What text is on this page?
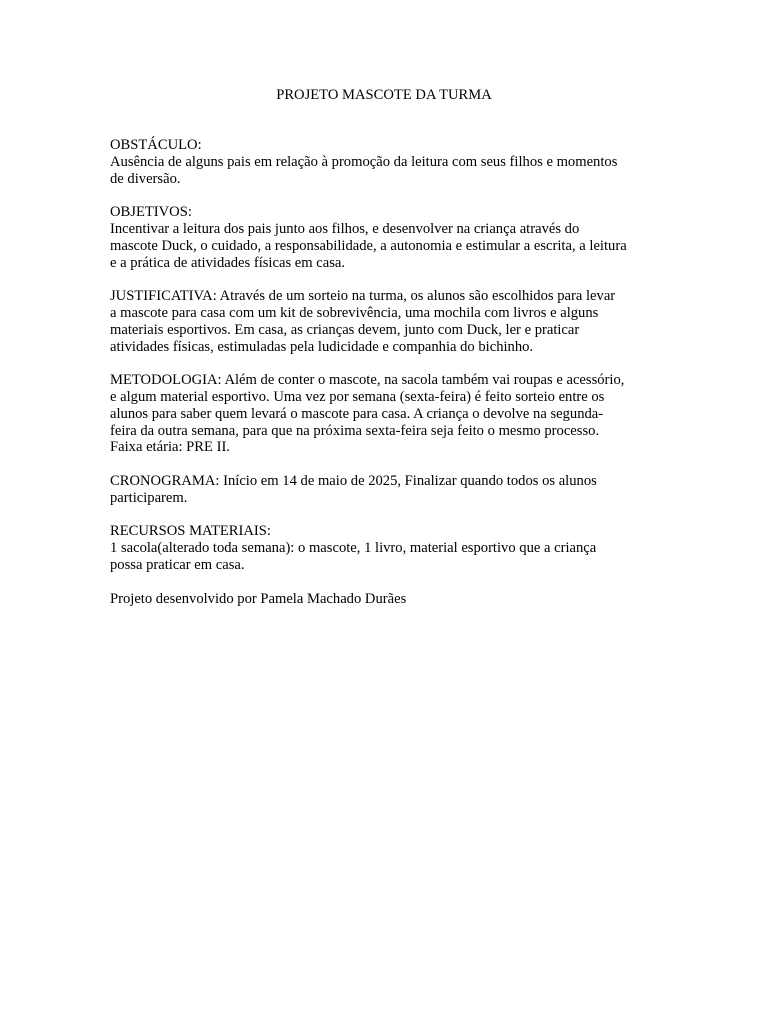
PROJETO MASCOTE DA TURMA
OBSTÁCULO:
Ausência de alguns pais em relação à promoção da leitura com seus filhos e momentos
de diversão.
OBJETIVOS:
Incentivar a leitura dos pais junto aos filhos, e desenvolver na criança através do
mascote Duck, o cuidado, a responsabilidade, a autonomia e estimular a escrita, a leitura
e a prática de atividades físicas em casa.
JUSTIFICATIVA: Através de um sorteio na turma, os alunos são escolhidos para levar
a mascote para casa com um kit de sobrevivência, uma mochila com livros e alguns
materiais esportivos. Em casa, as crianças devem, junto com Duck, ler e praticar
atividades físicas, estimuladas pela ludicidade e companhia do bichinho.
METODOLOGIA: Além de conter o mascote, na sacola também vai roupas e acessório,
e algum material esportivo. Uma vez por semana (sexta-feira) é feito sorteio entre os
alunos para saber quem levará o mascote para casa. A criança o devolve na segunda-
feira da outra semana, para que na próxima sexta-feira seja feito o mesmo processo.
Faixa etária: PRE II.
CRONOGRAMA: Início em 14 de maio de 2025, Finalizar quando todos os alunos
participarem.
RECURSOS MATERIAIS:
1 sacola(alterado toda semana): o mascote, 1 livro, material esportivo que a criança
possa praticar em casa.
Projeto desenvolvido por Pamela Machado Durães
